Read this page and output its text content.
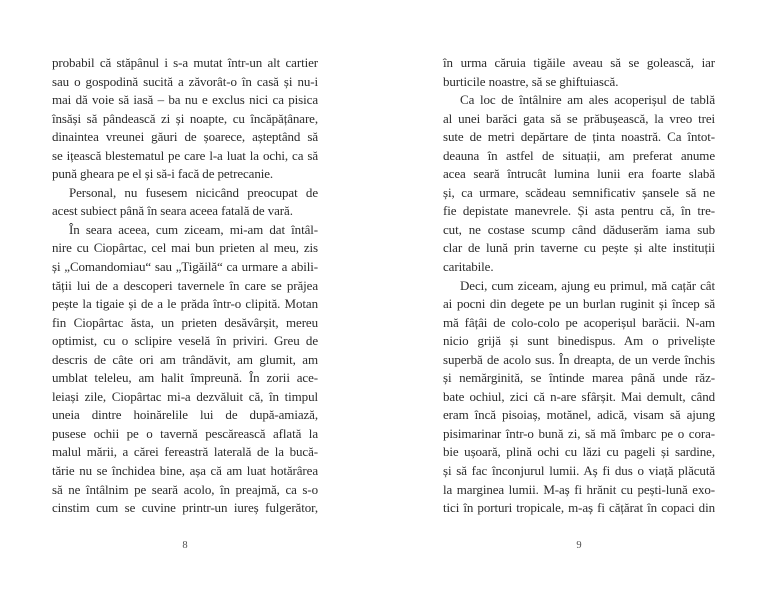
probabil că stăpânul i s-a mutat într-un alt cartier
sau o gospodină sucită a zăvorât-o în casă și nu-i
mai dă voie să iasă – ba nu e exclus nici ca pisica
însăși să pândească zi și noapte, cu încăpățânare,
dinaintea vreunei găuri de șoarece, așteptând să
se ițească blestematul pe care l-a luat la ochi, ca să
pună gheara pe el și să-i facă de petrecanie.
Personal, nu fusesem nicicând preocupat de
acest subiect până în seara aceea fatală de vară.
În seara aceea, cum ziceam, mi-am dat întâl-
nire cu Ciopârtac, cel mai bun prieten al meu, zis
și „Comandomiau“ sau „Tigăilă“ ca urmare a abili-
tății lui de a descoperi tavernele în care se prăjea
pește la tigaie și de a le prăda într-o clipită. Motan
fin Ciopârtac ăsta, un prieten desăvârșit, mereu
optimist, cu o sclipire veselă în priviri. Greu de
descris de câte ori am trândăvit, am glumit, am
umblat teleleu, am halit împreună. În zorii ace-
leiași zile, Ciopârtac mi-a dezvăluit că, în timpul
uneia dintre hoinărelile lui de după-amiază,
pusese ochii pe o tavernă pescărească aflată la
malul mării, a cărei fereastră laterală de la bucă-
tărie nu se închidea bine, așa că am luat hotărârea
să ne întâlnim pe seară acolo, în preajmă, ca s-o
cinstim cum se cuvine printr-un iureș fulgerător,
8
în urma căruia tigăile aveau să se golească, iar
burticile noastre, să se ghiftuiască.
Ca loc de întâlnire am ales acoperișul de tablă
al unei barăci gata să se prăbușească, la vreo trei
sute de metri depărtare de ținta noastră. Ca întot-
deauna în astfel de situații, am preferat anume
acea seară întrucât lumina lunii era foarte slabă
și, ca urmare, scădeau semnificativ șansele să ne
fie depistate manevrele. Și asta pentru că, în tre-
cut, ne costase scump când dăduserăm iama sub
clar de lună prin taverne cu pește și alte instituții
caritabile.
Deci, cum ziceam, ajung eu primul, mă cațăr cât
ai pocni din degete pe un burlan ruginit și încep să
mă fâțâi de colo-colo pe acoperișul barăcii. N-am
nicio grijă și sunt binedispus. Am o priveliște
superbă de acolo sus. În dreapta, de un verde închis
și nemărginită, se întinde marea până unde răz-
bate ochiul, zici că n-are sfârșit. Mai demult, când
eram încă pisoiaș, motănel, adică, visam să ajung
pisimarinar într-o bună zi, să mă îmbarc pe o cora-
bie ușoară, plină ochi cu lăzi cu pageli și sardine,
și să fac înconjurul lumii. Aș fi dus o viață plăcută
la marginea lumii. M-aș fi hrănit cu pești-lună exo-
tici în porturi tropicale, m-aș fi cățărat în copaci din
9
